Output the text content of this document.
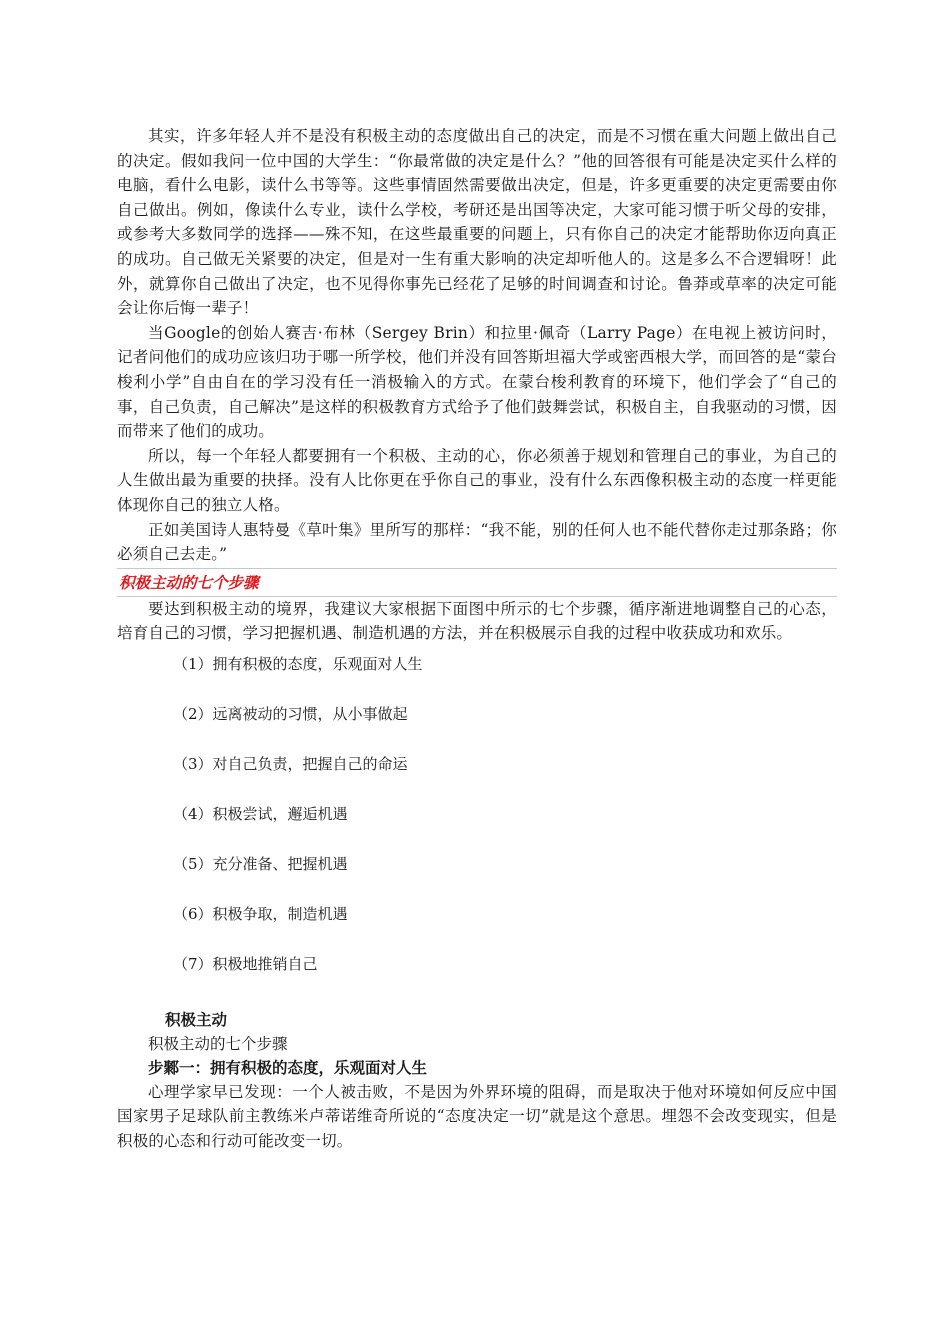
其实，许多年轻人并不是没有积极主动的态度做出自己的决定，而是不习惯在重大问题上做出自己的决定。假如我问一位中国的大学生：“你最常做的决定是什么？”他的回答很有可能是决定买什么样的电脑，看什么电影，读什么书等等。这些事情固然需要做出决定，但是，许多更重要的决定更需要由你自己做出。例如，像读什么专业，读什么学校，考研还是出国等决定，大家可能习惯于听父母的安排，或参考大多数同学的选择——殊不知，在这些最重要的问题上，只有你自己的决定才能帮助你迈向真正的成功。自己做无关紧要的决定，但是对一生有重大影响的决定却听他人的。这是多么不合逻辑呀！此外，就算你自己做出了决定，也不见得你事先已经花了足够的时间调查和讨论。鲁莽或草率的决定可能会让你后悔一辈子！

当Google的创始人赛吉·布林（Sergey Brin）和拉里·佩奇（Larry Page）在电视上被访问时，记者问他们的成功应该归功于哪一所学校，他们并没有回答斯坦福大学或密西根大学，而回答的是“蒙台梭利小学”自由自在的学习没有任一消极输入的方式。在蒙台梭利教育的环境下，他们学会了“自己的事，自己负责，自己解决”是这样的积极教育方式给予了他们鼓舞尝试，积极自主，自我驱动的习惯，因而带来了他们的成功。

所以，每一个年轻人都要拥有一个积极、主动的心，你必须善于规划和管理自己的事业，为自己的人生做出最为重要的抉择。没有人比你更在乎你自己的事业，没有什么东西像积极主动的态度一样更能体现你自己的独立人格。

正如美国诗人惠特曼《草叶集》里所写的那样：“我不能，别的任何人也不能代替你走过那条路；你必须自己去走。”

积极主动的七个步骤

要达到积极主动的境界，我建议大家根据下面图中所示的七个步骤，循序渐进地调整自己的心态，培育自己的习惯，学习把握机遇、制造机遇的方法，并在积极展示自我的过程中收获成功和欢乐。

（1）拥有积极的态度，乐观面对人生
（2）远离被动的习惯，从小事做起
（3）对自己负责，把握自己的命运
（4）积极尝试，邂逅机遇
（5）充分准备、把握机遇
（6）积极争取，制造机遇
（7）积极地推销自己
积极主动
积极主动的七个步骤
步鄹一：拥有积极的态度，乐观面对人生

心理学家早已发现：一个人被击败，不是因为外界环境的阻碍，而是取决于他对环境如何反应中国国家男子足球队前主教练米卢蒂诺维奇所说的“态度决定一切”就是这个意思。埋怨不会改变现实，但是积极的心态和行动可能改变一切。
